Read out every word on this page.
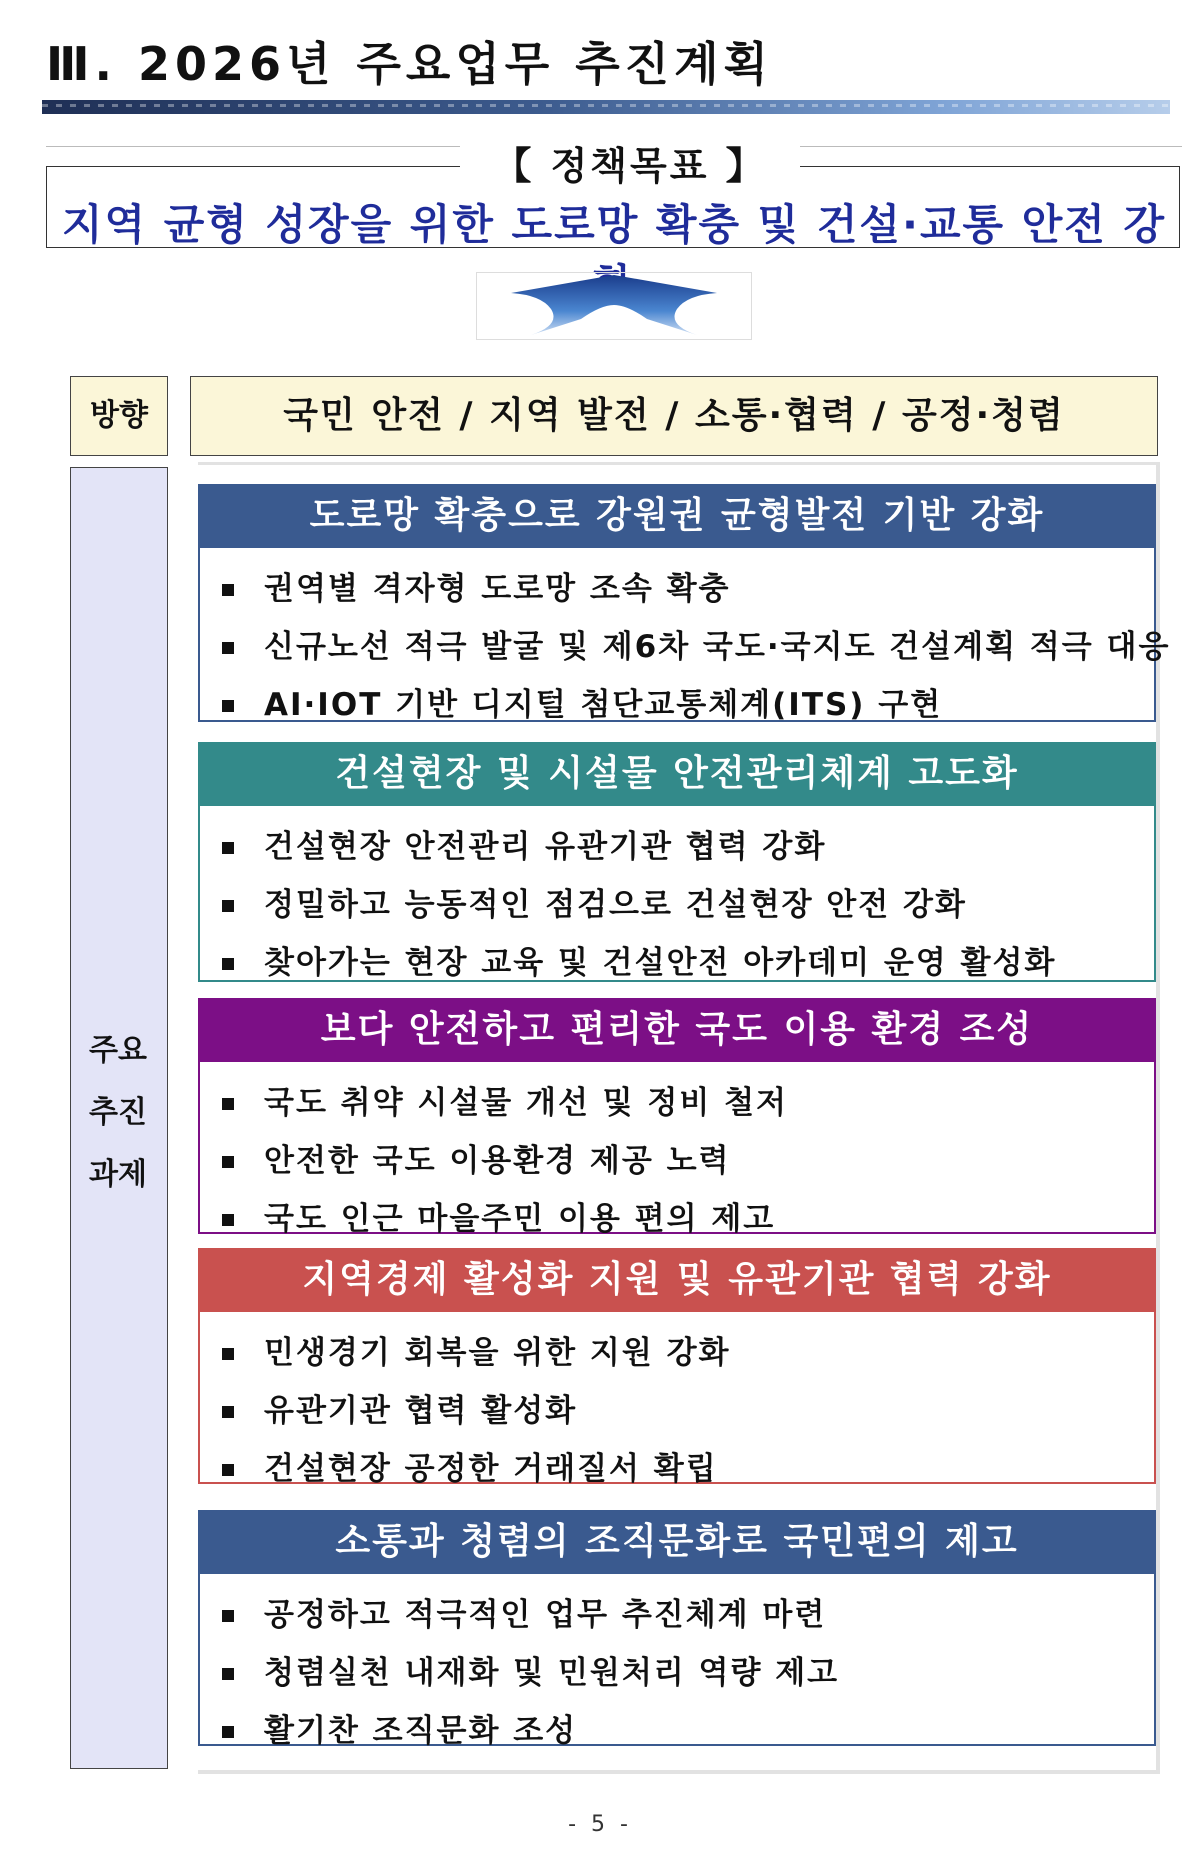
Ⅲ. 2026년 주요업무 추진계획
【 정책목표 】
지역 균형 성장을 위한 도로망 확충 및 건설·교통 안전 강
방향	국민 안전 / 지역 발전 / 소통·협력 / 공정·청렴
주요
추진
과제
도로망 확충으로 강원권 균형발전 기반 강화
권역별 격자형 도로망 조속 확충
신규노선 적극 발굴 및 제6차 국도·국지도 건설계획 적극 대응
AI·IOT 기반 디지털 첨단교통체계(ITS) 구현
건설현장 및 시설물 안전관리체계 고도화
건설현장 안전관리 유관기관 협력 강화
정밀하고 능동적인 점검으로 건설현장 안전 강화
찾아가는 현장 교육 및 건설안전 아카데미 운영 활성화
보다 안전하고 편리한 국도 이용 환경 조성
국도 취약 시설물 개선 및 정비 철저
안전한 국도 이용환경 제공 노력
국도 인근 마을주민 이용 편의 제고
지역경제 활성화 지원 및 유관기관 협력 강화
민생경기 회복을 위한 지원 강화
유관기관 협력 활성화
건설현장 공정한 거래질서 확립
소통과 청렴의 조직문화로 국민편의 제고
공정하고 적극적인 업무 추진체계 마련
청렴실천 내재화 및 민원처리 역량 제고
활기찬 조직문화 조성
- 5 -
